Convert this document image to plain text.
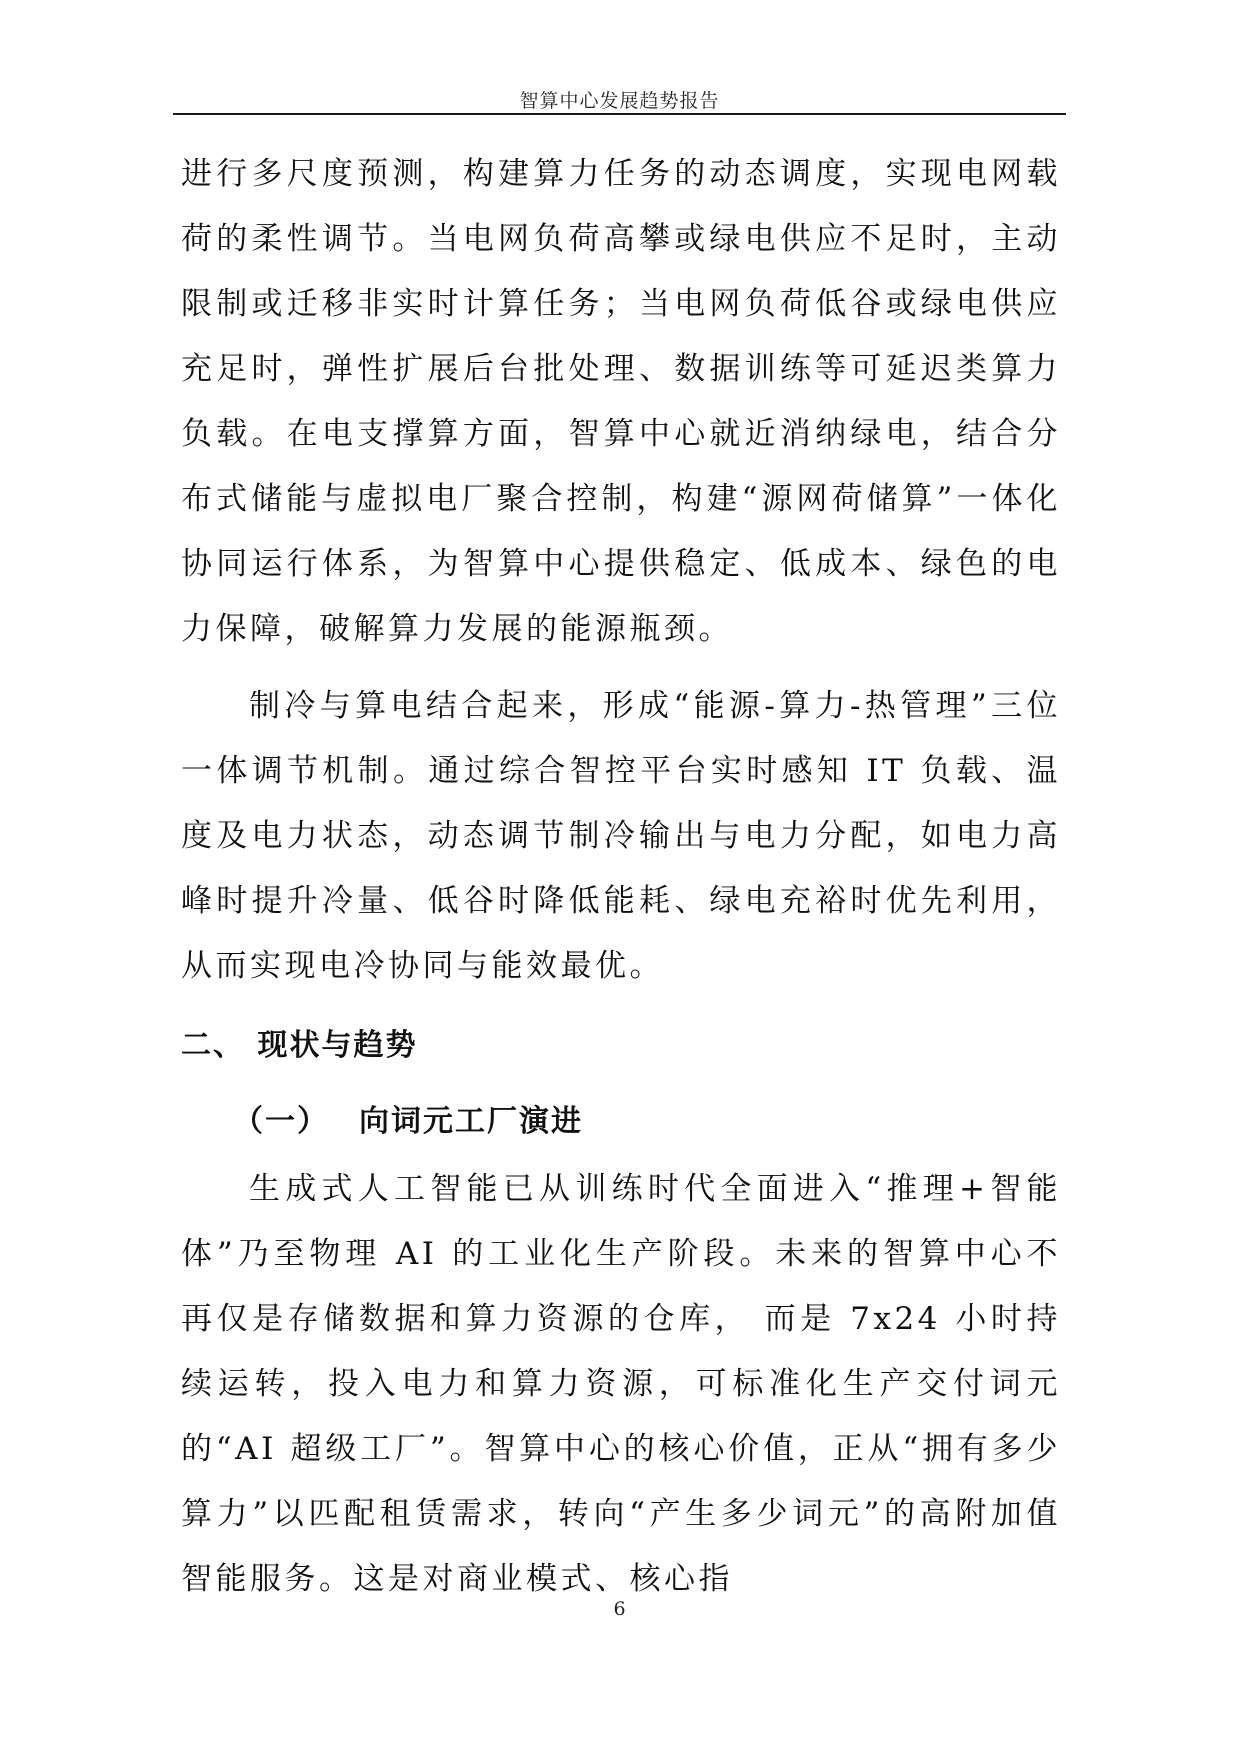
智算中心发展趋势报告

进行多尺度预测，构建算力任务的动态调度，实现电网载荷的柔性调节。当电网负荷高攀或绿电供应不足时，主动限制或迁移非实时计算任务；当电网负荷低谷或绿电供应充足时，弹性扩展后台批处理、数据训练等可延迟类算力负载。在电支撑算方面，智算中心就近消纳绿电，结合分布式储能与虚拟电厂聚合控制，构建“源网荷储算”一体化协同运行体系，为智算中心提供稳定、低成本、绿色的电力保障，破解算力发展的能源瓶颈。

制冷与算电结合起来，形成“能源-算力-热管理”三位一体调节机制。通过综合智控平台实时感知 IT 负载、温度及电力状态，动态调节制冷输出与电力分配，如电力高峰时提升冷量、低谷时降低能耗、绿电充裕时优先利用，从而实现电冷协同与能效最优。

二、 现状与趋势
（一） 向词元工厂演进

生成式人工智能已从训练时代全面进入“推理+智能体”乃至物理 AI 的工业化生产阶段。未来的智算中心不再仅是存储数据和算力资源的仓库， 而是 7x24 小时持续运转，投入电力和算力资源，可标准化生产交付词元的“AI 超级工厂”。智算中心的核心价值，正从“拥有多少算力”以匹配租赁需求，转向“产生多少词元”的高附加值智能服务。这是对商业模式、核心指

6
